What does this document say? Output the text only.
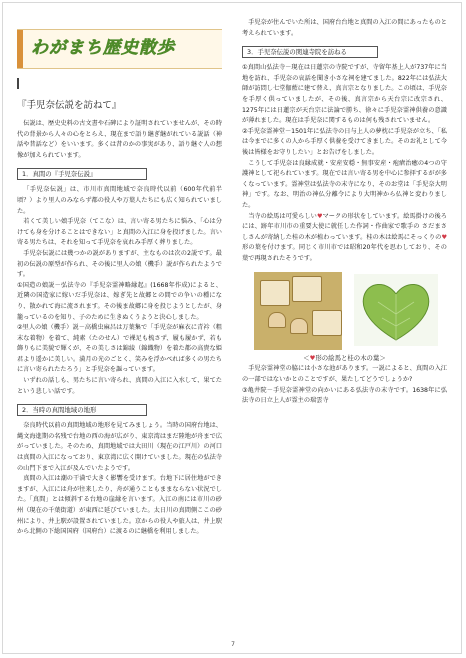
わがまち歴史散歩
『手児奈伝説を訪ねて』

伝説は、歴史史料の古文書や石碑により証明されていませんが、その時代の背景から人々の心をとらえ、現在まで語り継ぎ継がれている説話（神話や昔話など）をいいます。多くは昔のかの事実があり、語り継ぐ人の想像が加えられています。

1．真間の『手児奈伝説』

「手児奈伝説」は、市川市真間地域で奈良時代以前（600年代前半頃？）より里人のみならず都の役人や万葉人たちにも広く知られていました。

若くて美しい娘手児奈（てこな）は、言い寄る男たちに悩み、「心は分けても身を分けることはできない」と真間の入江に身を投げました。言い寄る男たちは、それを知って手児奈を哀れみ手厚く葬りました。

手児奈伝説には幾つかの説がありますが、主なものは次の2説です。最初の伝説の原型が作られ、その後に里人の娘（機手）説が作られたようです。

①国造の娘説－弘法寺の『手児奈霊神略縁起』(1668年作成)によると、近隣の国造家に嫁いだ手児奈は、嫁ぎ先と故郷との間での争いの種になり、散かれて海に流されます。その後ま故郷に身を投じようとしたが、身籠っているのを知り、子のために生きぬくうようと決心しました。

②里人の娘（機手）説－高橋虫麻呂は万葉集で「手児奈が麻衣に青衿（粗末な着物）を着て、純素（たのせん）で裸足も梳さず、履も履かず、若も飾りもに美貌で輝くが、その美しさは錦綾（錦織物）を着た都の高貴な姫君より遥かに美しい。満月の光のごとく、笑みを浮かべれば多くの男たちに言い寄られたたろう」と手児奈を謳っています。

いずれの話しも、男たちに言い寄られ、真間の入江に入水して、果てたという悲しい話です。

2．当時の真間地域の地形

奈良時代以前の真間地域の地形を見てみましょう。当時の国府台地は、縄文海進期の名残で台地の西の海が広がり、東京湾はまだ陸地が舟まで広がっていました。そのため、真間地域では大田川（現在の江戸川）の河口は真間の入江になっており、東京湾に広く開けていました。現在の弘法寺の山門下まで入江が及んでいたようです。

真間の入江は潮の干満で大きく影響を受けます。台地下に居住地ができますが、入江には舟が往来したり、舟が通うこともままならない状況でした。「真間」とは傾斜する台地の崖縁を言います。入江の南には市川の砂州（現在の千葉街道）が東西に延びていました。太日川の真間側ここの砂州により、井上駅が設置されていました。京からの役人や旅人は、井上駅から北側の下総国国府（国府台）に渡るのに継橋を利用しました。

手児奈が住んでいた所は、国府台台地と真間の入江の間にあったものと考えられています。

3．手児奈伝説の関連寺院を訪ねる

①真間山弘法寺－現在は日蓮宗の寺院ですが、寺留年基上人が737年に当地を訪れ、手児奈の哀話を聞き小さな祠を建てました。822年には弘法大師が訪問し七堂伽藍に建て替え、真言宗となりました。この頃は、手児奈を手厚く供っていましたが、その後、真言宗から天台宗に改宗され、1275年には日蓮宗が天台宗に法論で勝ち、徐々に手児奈霊神供養の意識が薄れました。現在は手児奈に関するものは何も残されていません。

②手児奈霊神堂－1501年に弘法寺の日与上人の夢枕に手児奈が立ち、「私は今までに多くの人から手厚く供養を受けてきました。そのお礼として今後は皆様をお守りしたい」とお告げをしました。

こうして手児奈は良縁成就・安産安穏・無事安産・疱瘡治癒の4つの守護神として祀られています。現在では言い寄る男を中心に参拝するがが多くなっています。霊神堂は弘法寺の末寺になり、そのお堂は「手児奈大明神」です。なお、明治の神仏分離令により大明神から仏神と変わりました。

当寺の絵馬は可愛らしい♥マークの形状をしています。絵馬掛けの後ろには、跡年市川市の重要大使に就任した作詞・作曲家で歌手の さだまさしさんが寄納した桂の木が植わっています。桂の木は絵馬にそっくりの♥形の葉を付けます。同じく市川市では昭和20年代を思わしており、その葉で再現されたそうです。

＜♥形の絵馬と桂の木の葉＞

手児奈霊神堂の脇には小さな池があります。一説によると、真間の入江の一部ではないかとのことですが、果たしてどうでしょうか?

③亀井院－手児奈霊神堂の向かいにある弘法寺の末寺です。1638年に弘法寺の日立上人が霊主の瑞雲寺

7
